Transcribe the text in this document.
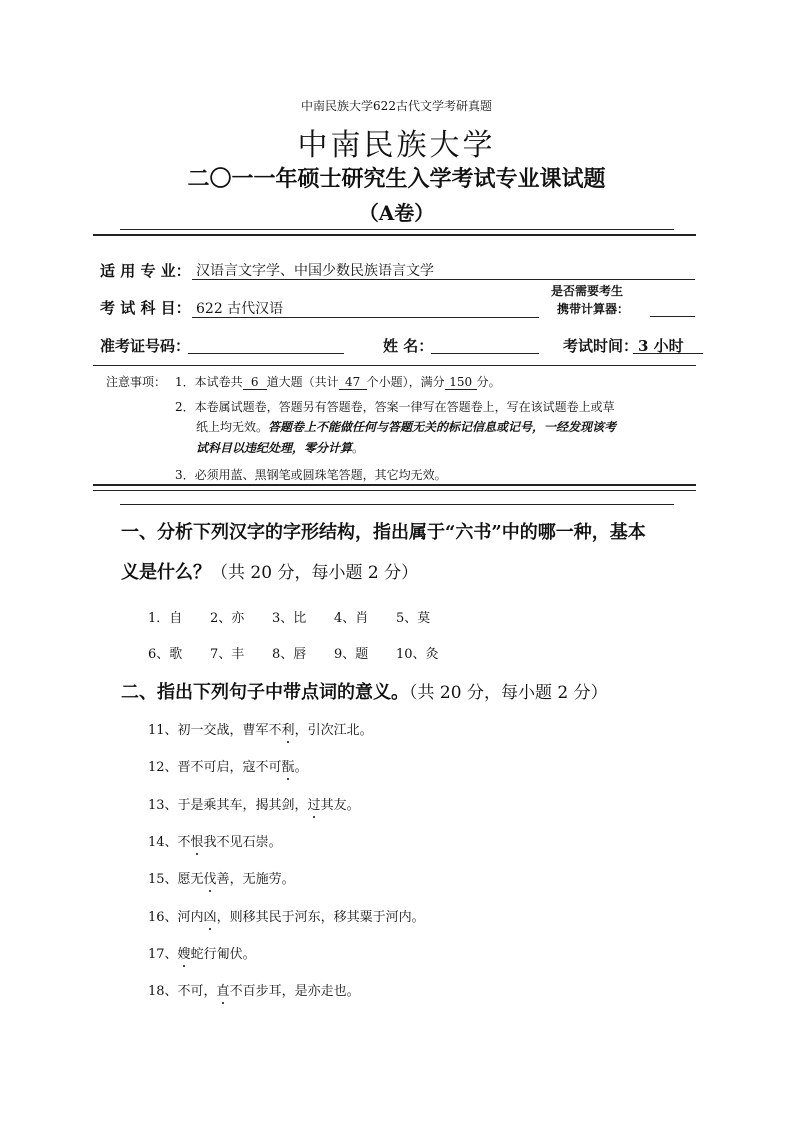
中南民族大学622古代文学考研真题
中南民族大学
二〇一一年硕士研究生入学考试专业课试题
（A卷）
适 用 专 业： 汉语言文字学、中国少数民族语言文学
考 试 科 目： 622 古代汉语
是否需要考生
携带计算器：
准考证号码：	姓 名：	考试时间： 3 小时
注意事项： 1．本试卷共 6 道大题（共计 47 个小题），满分 150 分。
2．本卷属试题卷，答题另有答题卷，答案一律写在答题卷上，写在该试题卷上或草
纸上均无效。答题卷上不能做任何与答题无关的标记信息或记号，一经发现该考
试科目以违纪处理，零分计算。
3．必须用蓝、黑钢笔或圆珠笔答题，其它均无效。
一、分析下列汉字的字形结构，指出属于“六书”中的哪一种，基本
义是什么？（共 20 分，每小题 2 分）
1．自 2、亦 3、比 4、肖 5、莫
6、歌 7、丰 8、唇 9、题 10、灸
二、指出下列句子中带点词的意义。（共 20 分，每小题 2 分）
11、初一交战，曹军不利，引次江北。
12、晋不可启，寇不可翫。
13、于是乘其车，揭其剑，过其友。
14、不恨我不见石崇。
15、愿无伐善，无施劳。
16、河内凶，则移其民于河东，移其粟于河内。
17、嫂蛇行匍伏。
18、不可，直不百步耳，是亦走也。
